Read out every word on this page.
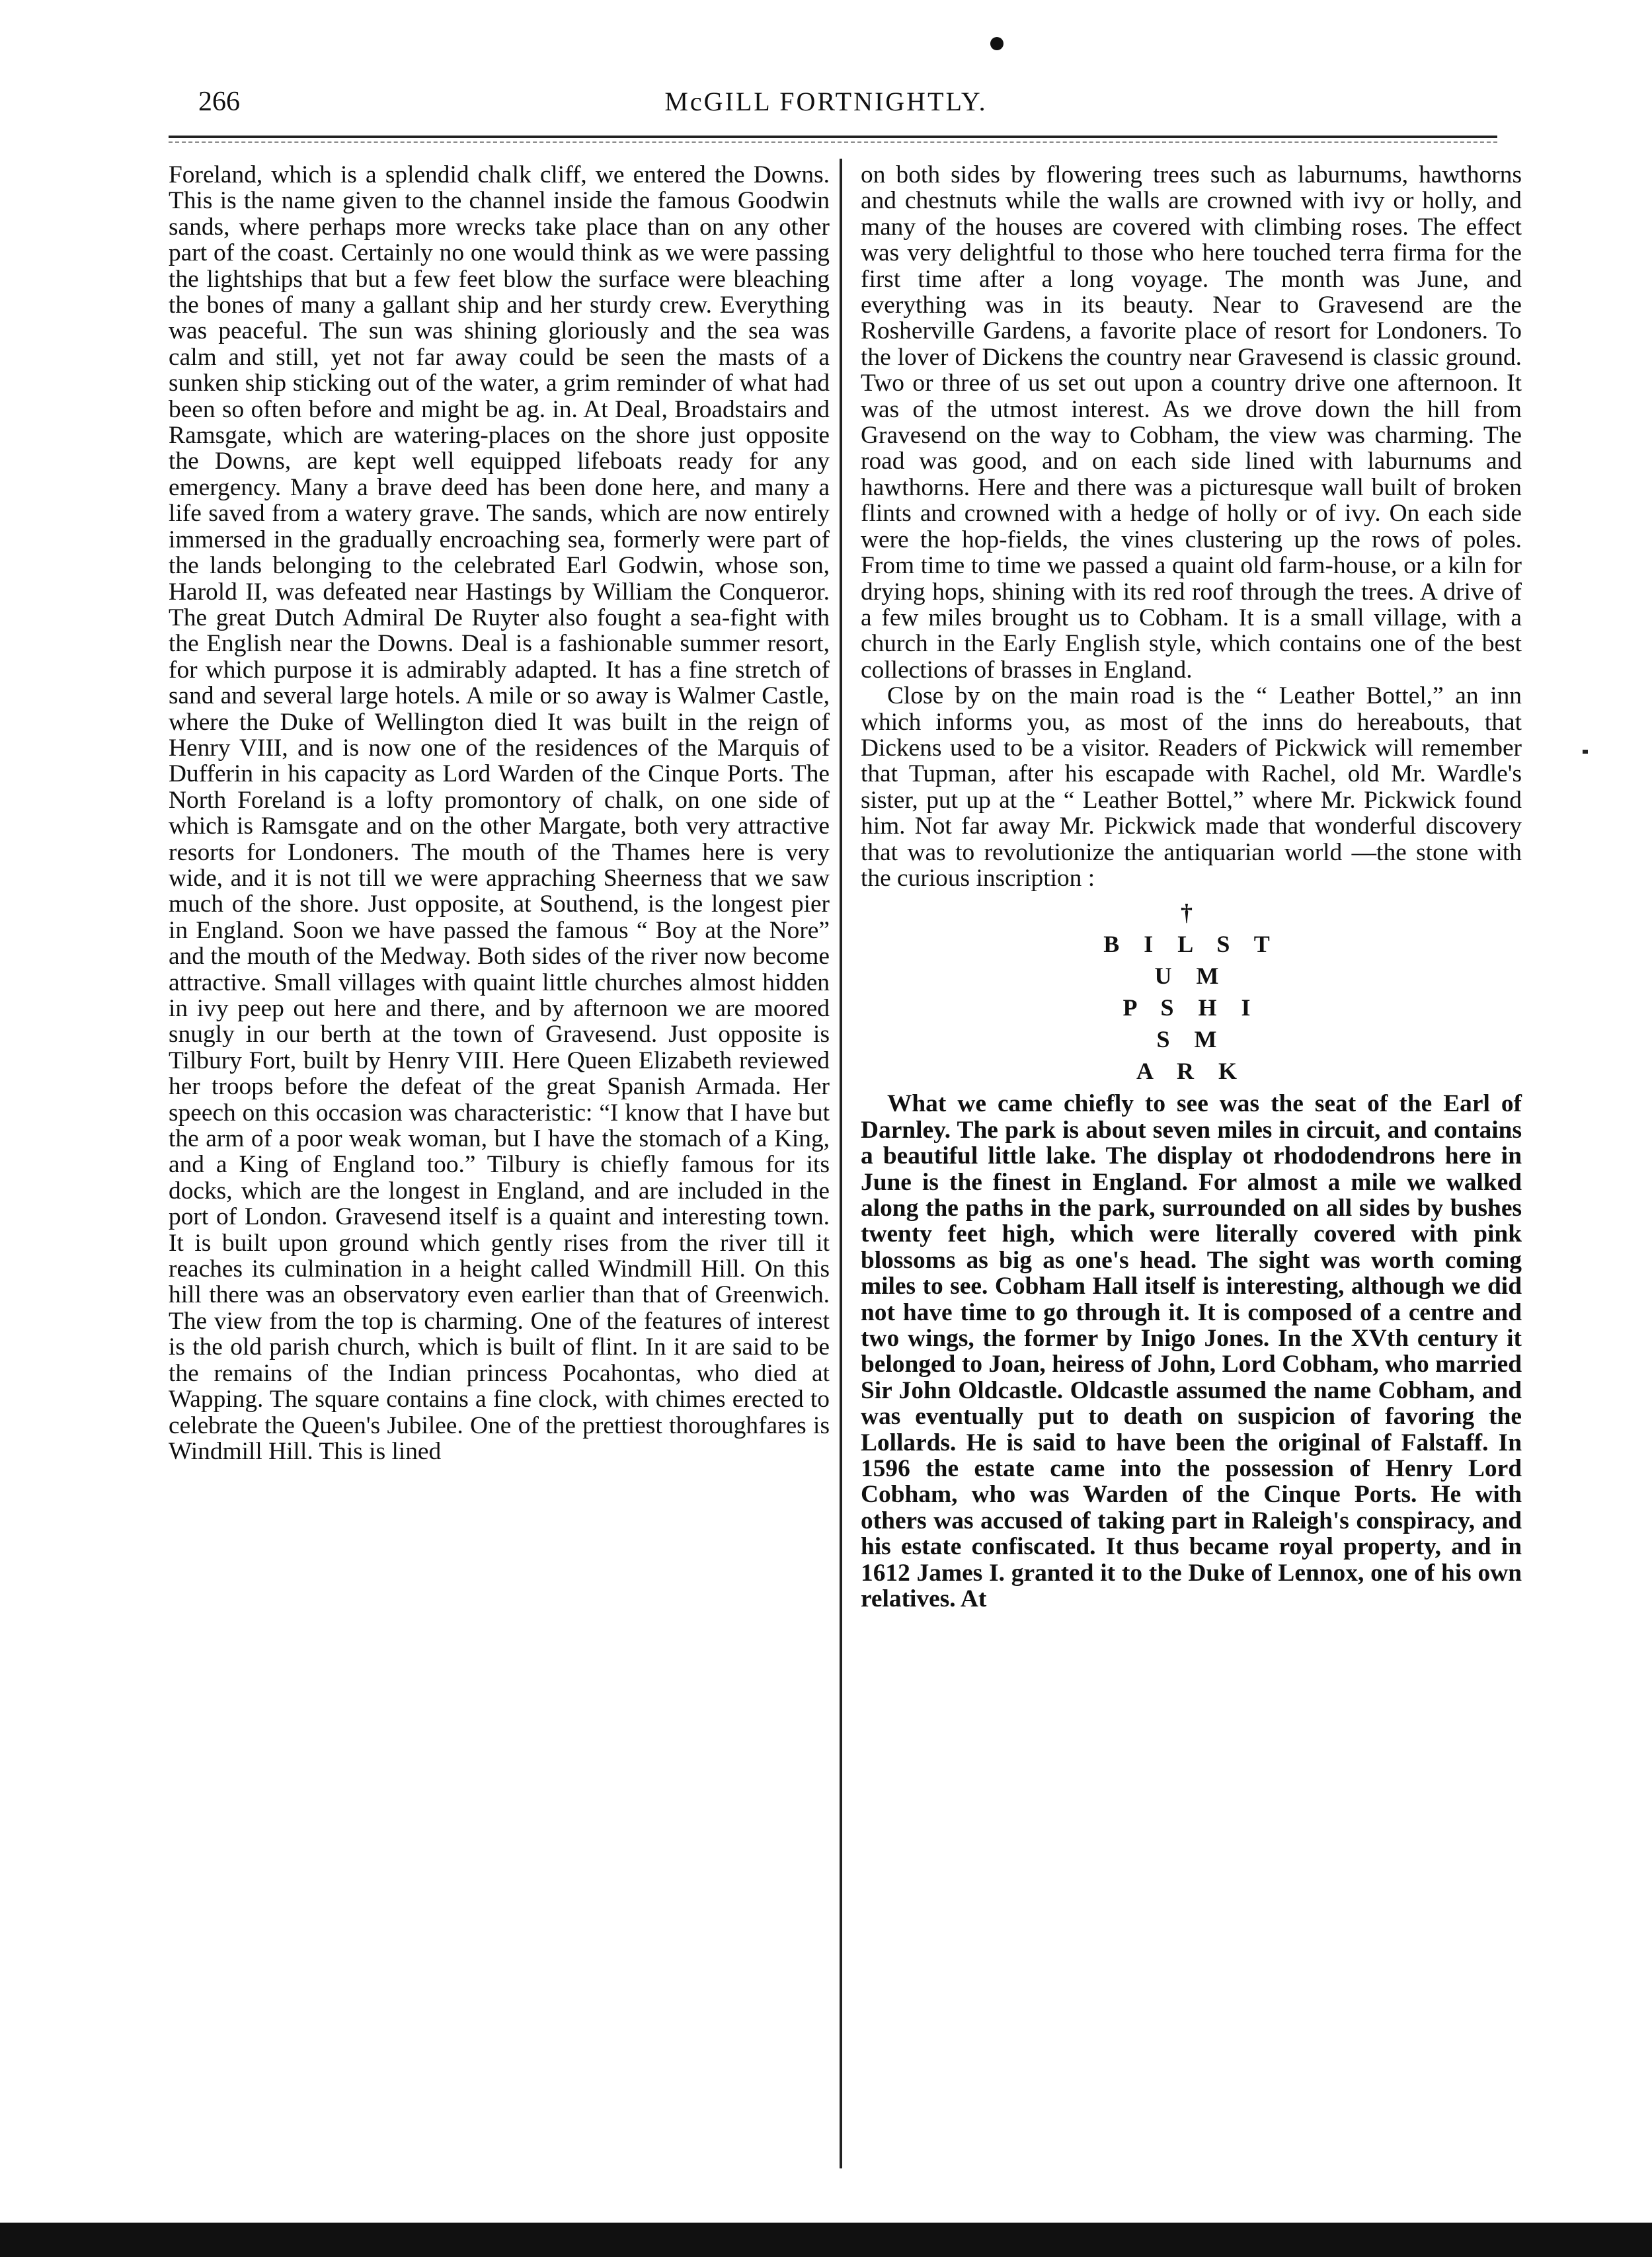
266	McGILL FORTNIGHTLY.

Foreland, which is a splendid chalk cliff, we entered the Downs. This is the name given to the channel inside the famous Goodwin sands, where perhaps more wrecks take place than on any other part of the coast. Certainly no one would think as we were passing the lightships that but a few feet blow the surface were bleaching the bones of many a gallant ship and her sturdy crew. Everything was peaceful. The sun was shining gloriously and the sea was calm and still, yet not far away could be seen the masts of a sunken ship sticking out of the water, a grim reminder of what had been so often before and might be ag. in. At Deal, Broadstairs and Ramsgate, which are watering-places on the shore just opposite the Downs, are kept well equipped lifeboats ready for any emergency. Many a brave deed has been done here, and many a life saved from a watery grave. The sands, which are now entirely immersed in the gradually encroaching sea, formerly were part of the lands belonging to the celebrated Earl Godwin, whose son, Harold II, was defeated near Hastings by William the Conqueror. The great Dutch Admiral De Ruyter also fought a sea-fight with the English near the Downs. Deal is a fashionable summer resort, for which purpose it is admirably adapted. It has a fine stretch of sand and several large hotels. A mile or so away is Walmer Castle, where the Duke of Wellington died It was built in the reign of Henry VIII, and is now one of the residences of the Marquis of Dufferin in his capacity as Lord Warden of the Cinque Ports. The North Foreland is a lofty promontory of chalk, on one side of which is Ramsgate and on the other Margate, both very attractive resorts for Londoners. The mouth of the Thames here is very wide, and it is not till we were appraching Sheerness that we saw much of the shore. Just opposite, at Southend, is the longest pier in England. Soon we have passed the famous “ Boy at the Nore” and the mouth of the Medway. Both sides of the river now become attractive. Small villages with quaint little churches almost hidden in ivy peep out here and there, and by afternoon we are moored snugly in our berth at the town of Gravesend. Just opposite is Tilbury Fort, built by Henry VIII. Here Queen Elizabeth reviewed her troops before the defeat of the great Spanish Armada. Her speech on this occasion was characteristic: “I know that I have but the arm of a poor weak woman, but I have the stomach of a King, and a King of England too.” Tilbury is chiefly famous for its docks, which are the longest in England, and are included in the port of London. Gravesend itself is a quaint and interesting town. It is built upon ground which gently rises from the river till it reaches its culmination in a height called Windmill Hill. On this hill there was an observatory even earlier than that of Greenwich. The view from the top is charming. One of the features of interest is the old parish church, which is built of flint. In it are said to be the remains of the Indian princess Pocahontas, who died at Wapping. The square contains a fine clock, with chimes erected to celebrate the Queen's Jubilee. One of the prettiest thoroughfares is Windmill Hill. This is lined

on both sides by flowering trees such as laburnums, hawthorns and chestnuts while the walls are crowned with ivy or holly, and many of the houses are covered with climbing roses. The effect was very delightful to those who here touched terra firma for the first time after a long voyage. The month was June, and everything was in its beauty. Near to Gravesend are the Rosherville Gardens, a favorite place of resort for Londoners. To the lover of Dickens the country near Gravesend is classic ground. Two or three of us set out upon a country drive one afternoon. It was of the utmost interest. As we drove down the hill from Gravesend on the way to Cobham, the view was charming. The road was good, and on each side lined with laburnums and hawthorns. Here and there was a picturesque wall built of broken flints and crowned with a hedge of holly or of ivy. On each side were the hop-fields, the vines clustering up the rows of poles. From time to time we passed a quaint old farm-house, or a kiln for drying hops, shining with its red roof through the trees. A drive of a few miles brought us to Cobham. It is a small village, with a church in the Early English style, which contains one of the best collections of brasses in England.

Close by on the main road is the “ Leather Bottel,” an inn which informs you, as most of the inns do hereabouts, that Dickens used to be a visitor. Readers of Pickwick will remember that Tupman, after his escapade with Rachel, old Mr. Wardle's sister, put up at the “ Leather Bottel,” where Mr. Pickwick found him. Not far away Mr. Pickwick made that wonderful discovery that was to revolutionize the antiquarian world —the stone with the curious inscription :

†
B I L S T
U M
P S H I
S M
A R K

What we came chiefly to see was the seat of the Earl of Darnley. The park is about seven miles in circuit, and contains a beautiful little lake. The display ot rhododendrons here in June is the finest in England. For almost a mile we walked along the paths in the park, surrounded on all sides by bushes twenty feet high, which were literally covered with pink blossoms as big as one's head. The sight was worth coming miles to see. Cobham Hall itself is interesting, although we did not have time to go through it. It is composed of a centre and two wings, the former by Inigo Jones. In the XVth century it belonged to Joan, heiress of John, Lord Cobham, who married Sir John Oldcastle. Oldcastle assumed the name Cobham, and was eventually put to death on suspicion of favoring the Lollards. He is said to have been the original of Falstaff. In 1596 the estate came into the possession of Henry Lord Cobham, who was Warden of the Cinque Ports. He with others was accused of taking part in Raleigh's conspiracy, and his estate confiscated. It thus became royal property, and in 1612 James I. granted it to the Duke of Lennox, one of his own relatives. At
